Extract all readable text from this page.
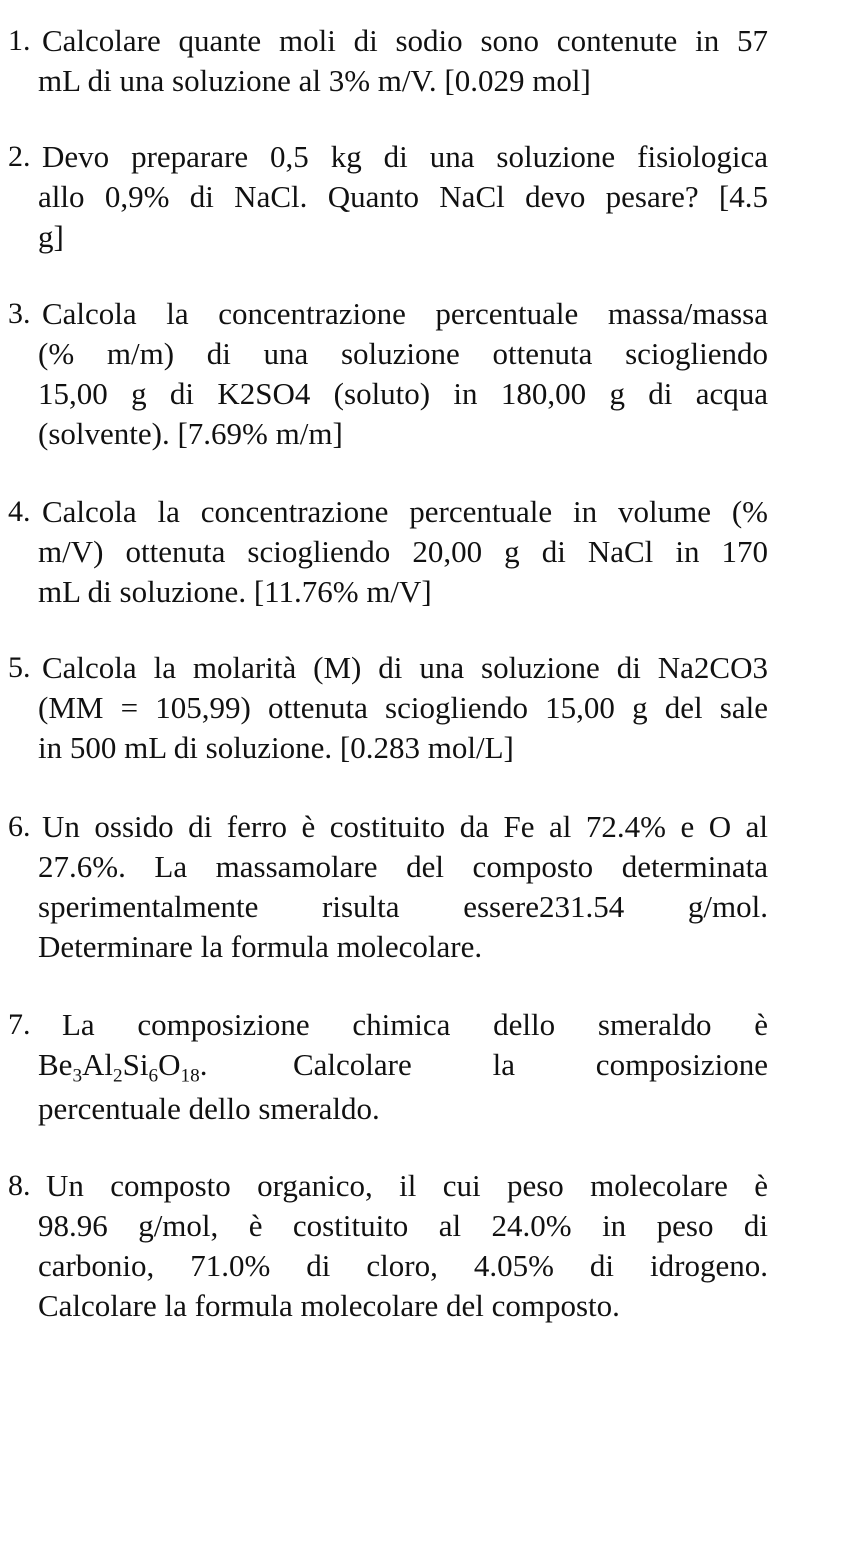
1. Calcolare quante moli di sodio sono contenute in 57
mL di una soluzione al 3% m/V. [0.029 mol]
2. Devo preparare 0,5 kg di una soluzione fisiologica
allo 0,9% di NaCl. Quanto NaCl devo pesare? [4.5
g]
3. Calcola la concentrazione percentuale massa/massa
(% m/m) di una soluzione ottenuta sciogliendo
15,00 g di K2SO4 (soluto) in 180,00 g di acqua
(solvente). [7.69% m/m]
4. Calcola la concentrazione percentuale in volume (%
m/V) ottenuta sciogliendo 20,00 g di NaCl in 170
mL di soluzione. [11.76% m/V]
5. Calcola la molarità (M) di una soluzione di Na2CO3
(MM = 105,99) ottenuta sciogliendo 15,00 g del sale
in 500 mL di soluzione. [0.283 mol/L]
6. Un ossido di ferro è costituito da Fe al 72.4% e O al
27.6%. La massamolare del composto determinata
sperimentalmente risulta essere231.54 g/mol.
Determinare la formula molecolare.
7. La composizione chimica dello smeraldo è
$Be_3Al_2Si_6O_{18}$.	Calcolare la composizione
percentuale dello smeraldo.
8. Un composto organico, il cui peso molecolare è
98.96 g/mol, è costituito al 24.0% in peso di
carbonio, 71.0% di cloro, 4.05% di idrogeno.
Calcolare la formula molecolare del composto.
